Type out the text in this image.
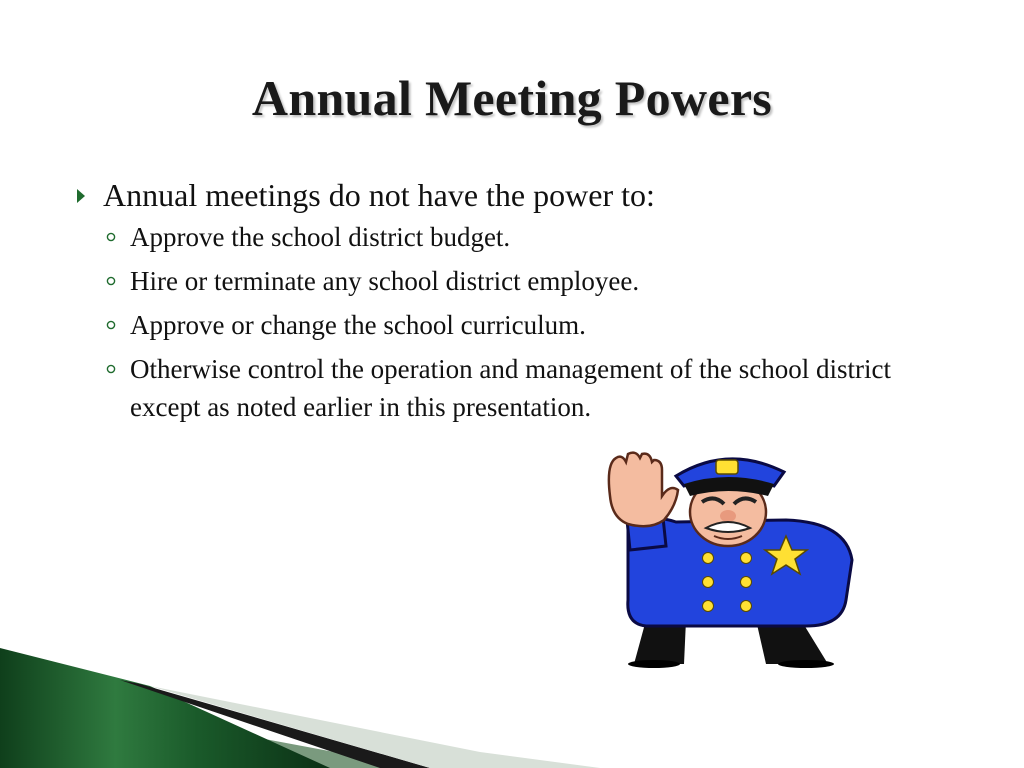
Annual Meeting Powers
Annual meetings do not have the power to:
Approve the school district budget.
Hire or terminate any school district employee.
Approve or change the school curriculum.
Otherwise control the operation and management of the school district except as noted earlier in this presentation.
